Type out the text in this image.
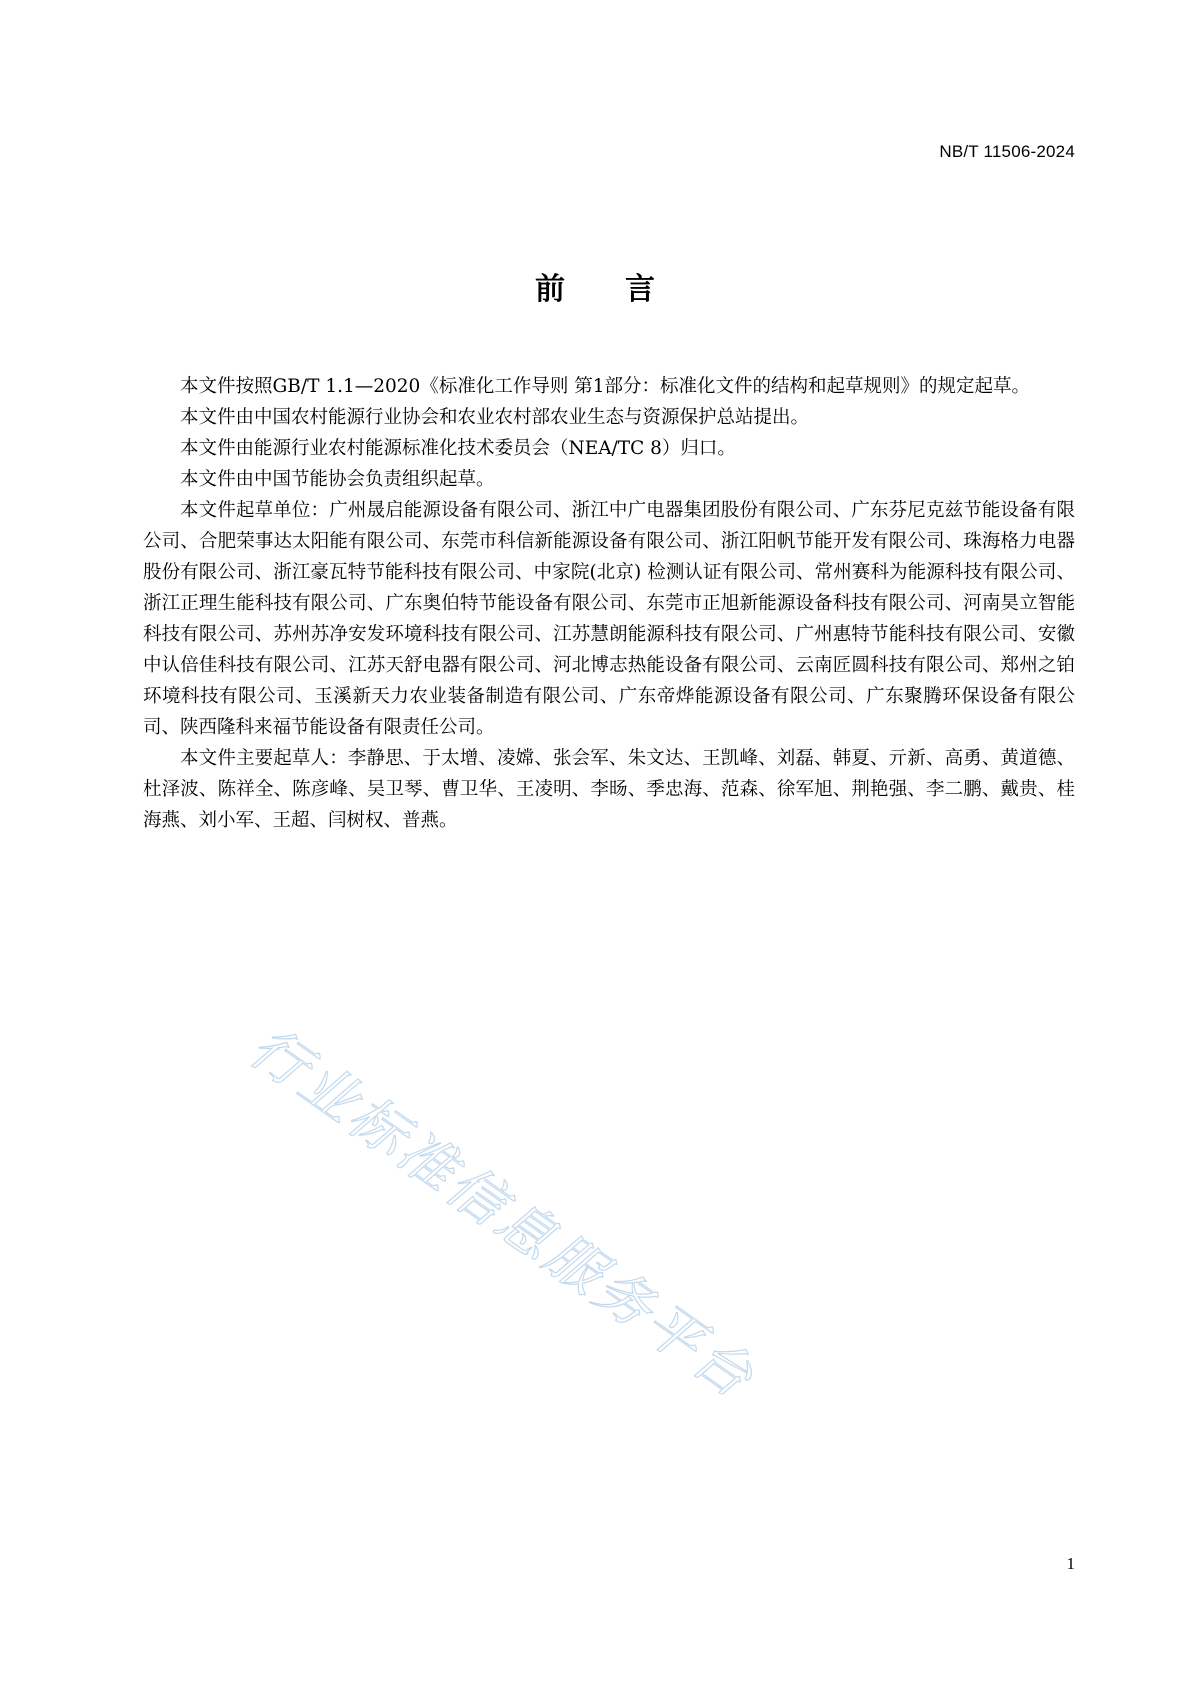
NB/T 11506-2024
前 言

本文件按照GB/T 1.1—2020《标准化工作导则 第1部分：标准化文件的结构和起草规则》的规定起草。

本文件由中国农村能源行业协会和农业农村部农业生态与资源保护总站提出。

本文件由能源行业农村能源标准化技术委员会（NEA/TC 8）归口。

本文件由中国节能协会负责组织起草。

本文件起草单位：广州晟启能源设备有限公司、浙江中广电器集团股份有限公司、广东芬尼克兹节能设备有限公司、合肥荣事达太阳能有限公司、东莞市科信新能源设备有限公司、浙江阳帆节能开发有限公司、珠海格力电器股份有限公司、浙江豪瓦特节能科技有限公司、中家院(北京) 检测认证有限公司、常州赛科为能源科技有限公司、浙江正理生能科技有限公司、广东奥伯特节能设备有限公司、东莞市正旭新能源设备科技有限公司、河南昊立智能科技有限公司、苏州苏净安发环境科技有限公司、江苏慧朗能源科技有限公司、广州惠特节能科技有限公司、安徽中认倍佳科技有限公司、江苏天舒电器有限公司、河北博志热能设备有限公司、云南匠圆科技有限公司、郑州之铂环境科技有限公司、玉溪新天力农业装备制造有限公司、广东帝烨能源设备有限公司、广东聚腾环保设备有限公司、陕西隆科来福节能设备有限责任公司。

本文件主要起草人：李静思、于太增、凌嫦、张会军、朱文达、王凯峰、刘磊、韩夏、亓新、高勇、黄道德、杜泽波、陈祥全、陈彦峰、吴卫琴、曹卫华、王凌明、李旸、季忠海、范森、徐军旭、荆艳强、李二鹏、戴贵、桂海燕、刘小军、王超、闫树权、普燕。

行业标准信息服务平台
1
